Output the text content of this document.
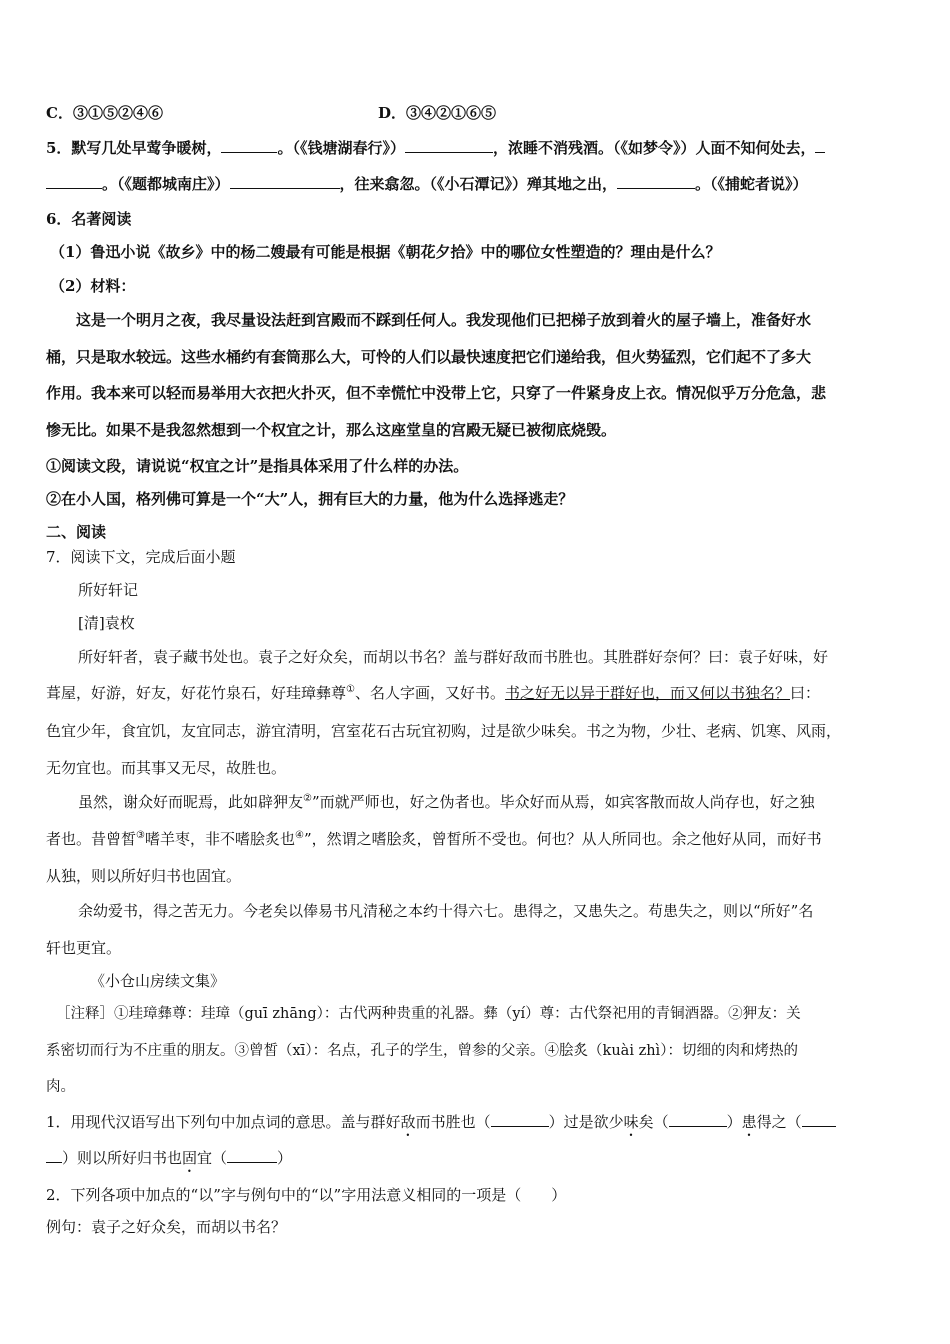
C．③①⑤②④⑥	D．③④②①⑥⑤
5．默写几处早莺争暖树，	。（《钱塘湖春行》）	，浓睡不消残酒。（《如梦令》）人面不知何处去，
。（《题都城南庄》）	，往来翕忽。（《小石潭记》）殚其地之出，	。（《捕蛇者说》）
6．名著阅读
（1）鲁迅小说《故乡》中的杨二嫂最有可能是根据《朝花夕拾》中的哪位女性塑造的？理由是什么？
（2）材料：
这是一个明月之夜，我尽量设法赶到宫殿而不踩到任何人。我发现他们已把梯子放到着火的屋子墙上，准备好水
桶，只是取水较远。这些水桶约有套筒那么大，可怜的人们以最快速度把它们递给我，但火势猛烈，它们起不了多大
作用。我本来可以轻而易举用大衣把火扑灭，但不幸慌忙中没带上它，只穿了一件紧身皮上衣。情况似乎万分危急，悲
惨无比。如果不是我忽然想到一个权宜之计，那么这座堂皇的宫殿无疑已被彻底烧毁。
①阅读文段，请说说“权宜之计”是指具体采用了什么样的办法。
②在小人国，格列佛可算是一个“大”人，拥有巨大的力量，他为什么选择逃走？
二、阅读
7．阅读下文，完成后面小题
所好轩记
[清]袁枚
所好轩者，袁子藏书处也。袁子之好众矣，而胡以书名？盖与群好敌而书胜也。其胜群好奈何？曰：袁子好味，好
葺屋，好游，好友，好花竹泉石，好珪璋彝尊①、名人字画，又好书。书之好无以异于群好也，而又何以书独名？曰：
色宜少年，食宜饥，友宜同志，游宜清明，宫室花石古玩宜初购，过是欲少味矣。书之为物，少壮、老病、饥寒、风雨，
无勿宜也。而其事又无尽，故胜也。
虽然，谢众好而昵焉，此如辟狎友②”而就严师也，好之伪者也。毕众好而从焉，如宾客散而故人尚存也，好之独
者也。昔曾皙③嗜羊枣，非不嗜脍炙也④”，然谓之嗜脍炙，曾皙所不受也。何也？从人所同也。余之他好从同，而好书
从独，则以所好归书也固宜。
余幼爱书，得之苦无力。今老矣以俸易书凡清秘之本约十得六七。患得之，又患失之。苟患失之，则以“所好”名
轩也更宜。
《小仓山房续文集》
［注释］①珪璋彝尊：珪璋（guī zhāng）：古代两种贵重的礼器。彝（yí）尊：古代祭祀用的青铜酒器。②狎友：关
系密切而行为不庄重的朋友。③曾皙（xī）：名点，孔子的学生，曾参的父亲。④脍炙（kuài zhì）：切细的肉和烤热的
肉。
1．用现代汉语写出下列句中加点词的意思。盖与群好敌而书胜也（	）过是欲少味矣（	）患得之（
）则以所好归书也固宜（	）
2．下列各项中加点的“以”字与例句中的“以”字用法意义相同的一项是（　　）
例句：袁子之好众矣，而胡以书名？
